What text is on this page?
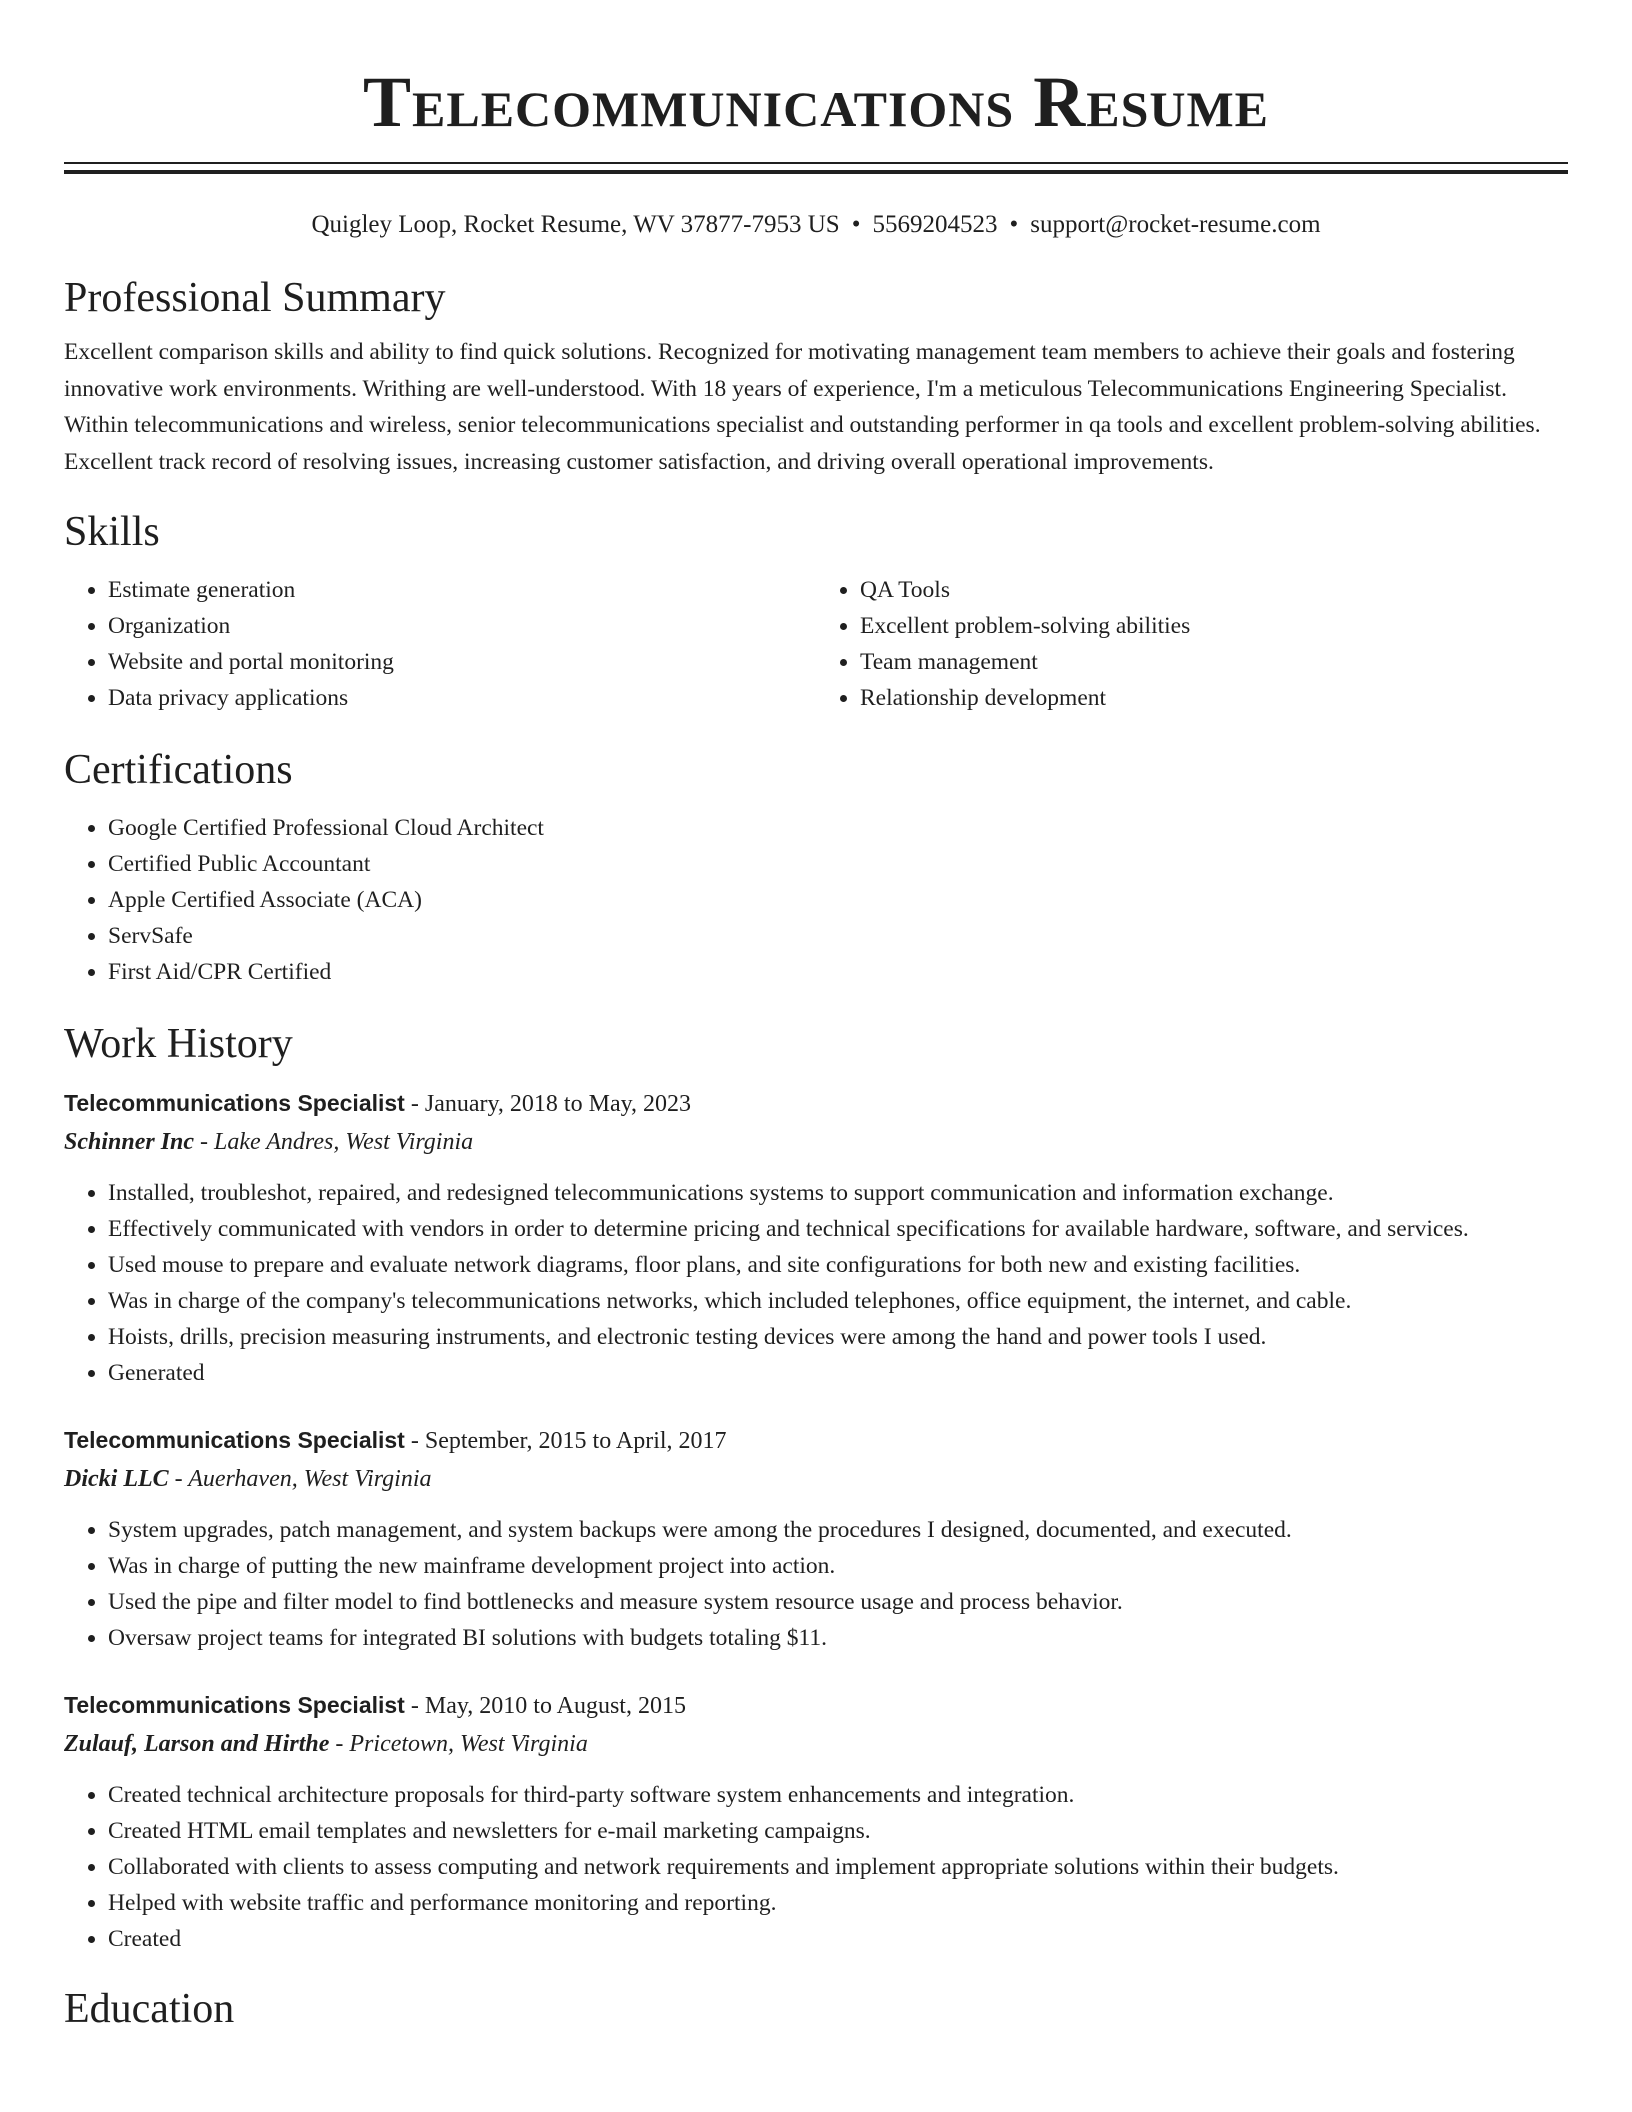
Telecommunications Resume
Quigley Loop, Rocket Resume, WV 37877-7953 US • 5569204523 • support@rocket-resume.com
Professional Summary

Excellent comparison skills and ability to find quick solutions. Recognized for motivating management team members to achieve their goals and fostering innovative work environments. Writhing are well-understood. With 18 years of experience, I'm a meticulous Telecommunications Engineering Specialist. Within telecommunications and wireless, senior telecommunications specialist and outstanding performer in qa tools and excellent problem-solving abilities. Excellent track record of resolving issues, increasing customer satisfaction, and driving overall operational improvements.

Skills
• Estimate generation
• Organization
• Website and portal monitoring
• Data privacy applications
• QA Tools
• Excellent problem-solving abilities
• Team management
• Relationship development
Certifications
• Google Certified Professional Cloud Architect
• Certified Public Accountant
• Apple Certified Associate (ACA)
• ServSafe
• First Aid/CPR Certified
Work History

Telecommunications Specialist - January, 2018 to May, 2023

Schinner Inc - Lake Andres, West Virginia

• Installed, troubleshot, repaired, and redesigned telecommunications systems to support communication and information exchange.
• Effectively communicated with vendors in order to determine pricing and technical specifications for available hardware, software, and services.
• Used mouse to prepare and evaluate network diagrams, floor plans, and site configurations for both new and existing facilities.
• Was in charge of the company's telecommunications networks, which included telephones, office equipment, the internet, and cable.
• Hoists, drills, precision measuring instruments, and electronic testing devices were among the hand and power tools I used.
• Generated

Telecommunications Specialist - September, 2015 to April, 2017

Dicki LLC - Auerhaven, West Virginia

• System upgrades, patch management, and system backups were among the procedures I designed, documented, and executed.
• Was in charge of putting the new mainframe development project into action.
• Used the pipe and filter model to find bottlenecks and measure system resource usage and process behavior.
• Oversaw project teams for integrated BI solutions with budgets totaling $11.

Telecommunications Specialist - May, 2010 to August, 2015

Zulauf, Larson and Hirthe - Pricetown, West Virginia

• Created technical architecture proposals for third-party software system enhancements and integration.
• Created HTML email templates and newsletters for e-mail marketing campaigns.
• Collaborated with clients to assess computing and network requirements and implement appropriate solutions within their budgets.
• Helped with website traffic and performance monitoring and reporting.
• Created
Education
